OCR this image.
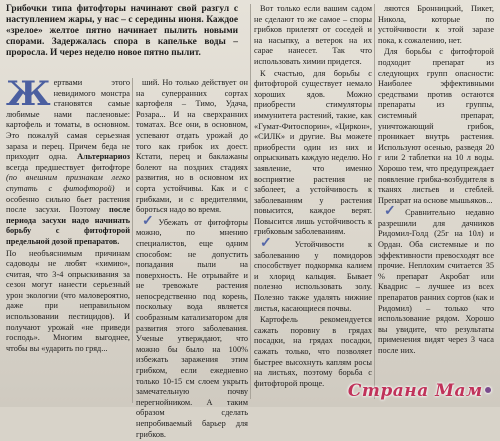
Грибочки типа фитофторы начинают свой разгул с наступлением жары, у нас – с середины июня. Каждое «зрелое» желтое пятно начинает пылить новыми спорами. Задержалась спора в капельке воды – проросла. И через неделю новое пятно пылит.

Жертвами этого невидимого монстра становятся самые любимые нами пасленовые: картофель и томаты, в основном. Это пожалуй самая серьезная зараза и перец. Причем беда не приходит одна. Альтернариоз всегда предшествует фитофторе (по внешним признакам легко спутать с фитофторой) и особенно сильно бьет растения после засухи. Поэтому после периода засухи надо начинать борьбу с фитофторой предельной дозой препаратов.

По необъяснимым причинам садоводы не любят «химию», считая, что 3-4 опрыскивания за сезон могут нанести серьезный урон экологии (что маловероятно, даже при неправильном использовании пестицидов). И получают урожай «не приведи господь». Многим выгоднее, чтобы вы «ударить по гряд...

ший. Но только действует он на суперранних сортах картофеля – Тимо, Удача, Розара... И на сверхранних томатах. Все они, в основном, успевают отдать урожай до того как грибок их доест. Кстати, перец и баклажаны болеют на поздних стадиях развития, но в основном их сорта устойчивы. Как и с грибками, и с вредителями, бороться надо во время.

✓Убежать от фитофторы можно, по мнению специалистов, еще одним способом: не допустить попадания пыли на поверхность. Не отрывайте и не тревожьте растения непосредственно под корень, поскольку вода является сообразным катализатором для развития этого заболевания. Ученые утверждают, что можно бы было на 100% избежать заражения этим грибком, если ежедневно только 10-15 см слоем укрыть замечательную почву перегнойником. А таким образом сделать непробиваемый барьер для грибков.

Вот только если вашим садом не сделают то же самое – споры грибков прилетят от соседей и на насыпку, а ветерок на их сарае нанесет. Так что использовать химии придется.

К счастью, для борьбы с фитофторой существует немало хороших ядов. Можно приобрести стимуляторы иммунитета растений, такие, как «Гумат-Фитоспорин», «Циркон», «СИЛК» и другие. Вы можете приобрести один из них и опрыскивать каждую неделю. Но заявление, что именно восприятие растения не заболеет, а устойчивость к заболеваниям у растения повысится, каждое верят. Повысится лишь устойчивость к грибковым заболеваниям.

✓Устойчивости к заболеванию у помидоров способствует подкормка калием и хлорид кальция. Бывает полезно использовать золу. Полезно также удалять нижние листья, касающиеся почвы.

Картофель рекомендуется сажать поровну в грядах посадки, на грядах посадки, сажать только, что позволяет быстрее высохнуть каплям росы на листьях, поэтому борьба с фитофторой проще.

ляются Бронницкий, Пикет, Никола, которые по устойчивости к этой заразе пока, к сожалению, нет.

Для борьбы с фитофторой подходит препарат из следующих групп опасности: Наиболее эффективными средствами против остаются препараты из группы, системный препарат, уничтожающий грибок, проникает внутрь растения. Используют осенью, разведя 20 г или 2 таблетки на 10 л воды. Хорошо тем, что предупреждает появление грибка-возбудителя в тканях листьев и стеблей. Препарат на основе мышьяков...

✓Сравнительно недавно разрешили для дачников Ридомил-Голд (25г на 10л) и Ордан. Оба системные и по эффективности превосходят все прочие. Неплохим считается 35 % препарат Акробат или Квадрис – лучшее из всех препаратов ранних сортов (как и Ридомил) – только что использование рядом. Хорошо вы увидите, что результаты применения видят через 3 часа после них.

Страна Мам•
